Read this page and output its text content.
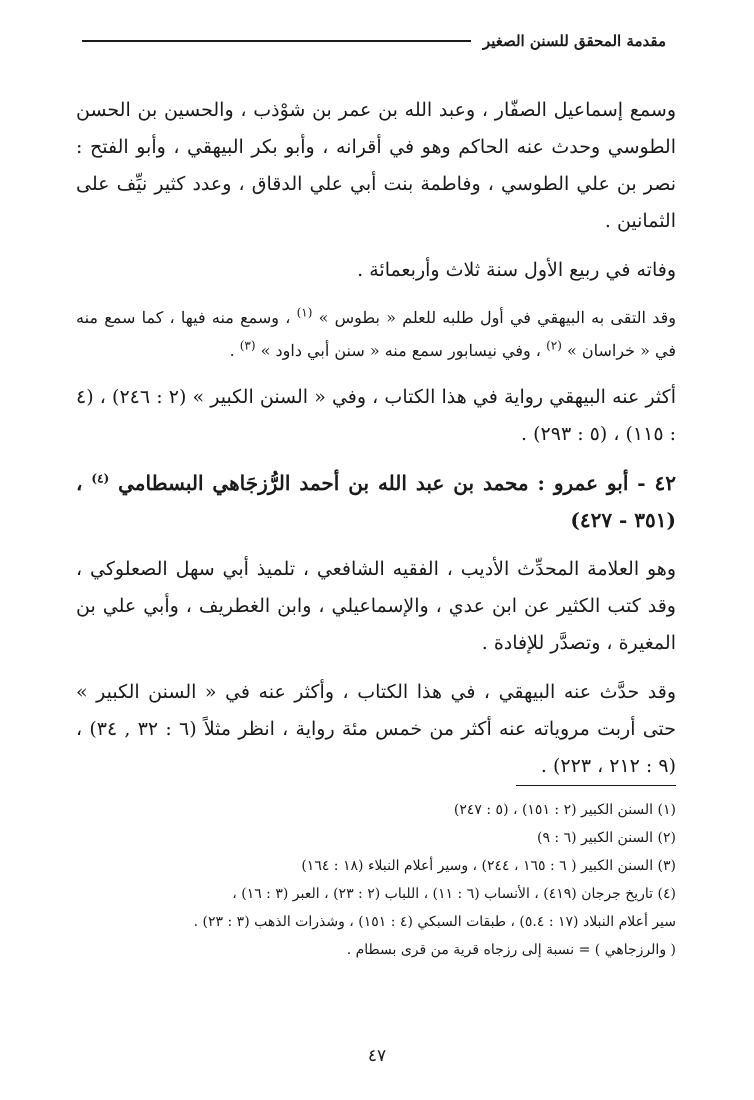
مقدمة المحقق للسنن الصغير

وسمع إسماعيل الصفّار ، وعبد الله بن عمر بن شوْذب ، والحسين بن الحسن الطوسي وحدث عنه الحاكم وهو في أقرانه ، وأبو بكر البيهقي ، وأبو الفتح : نصر بن علي الطوسي ، وفاطمة بنت أبي علي الدقاق ، وعدد كثير نيِّف على الثمانين .

وفاته في ربيع الأول سنة ثلاث وأربعمائة .

وقد التقى به البيهقي في أول طلبه للعلم « بطوس » $^{(١)}$ ، وسمع منه فيها ، كما سمع منه في « خراسان » $^{(٢)}$ ، وفي نيسابور سمع منه « سنن أبي داود » $^{(٣)}$ .

أكثر عنه البيهقي رواية في هذا الكتاب ، وفي « السنن الكبير » (٢ : ٢٤٦) ، (٤ : ١١٥) ، (٥ : ٢٩٣) .

٤٢ - أبو عمرو : محمد بن عبد الله بن أحمد الرُّزجَاهي البسطامي $^{(٤)}$ ، (٣٥١ - ٤٢٧)

وهو العلامة المحدِّث الأديب ، الفقيه الشافعي ، تلميذ أبي سهل الصعلوكي ، وقد كتب الكثير عن ابن عدي ، والإسماعيلي ، وابن الغطريف ، وأبي علي بن المغيرة ، وتصدَّر للإفادة .

وقد حدَّث عنه البيهقي ، في هذا الكتاب ، وأكثر عنه في « السنن الكبير » حتى أربت مروياته عنه أكثر من خمس مئة رواية ، انظر مثلاً (٦ : ٣٢ , ٣٤) ، (٩ : ٢١٢ ، ٢٢٣) .

(١) السنن الكبير (٢ : ١٥١) ، (٥ : ٢٤٧)
(٢) السنن الكبير (٦ : ٩)
(٣) السنن الكبير ( ٦ : ١٦٥ ، ٢٤٤) ، وسير أعلام النبلاء (١٨ : ١٦٤)
(٤) تاريخ جرجان (٤١٩) ، الأنساب (٦ : ١١) ، اللباب (٢ : ٢٣) ، العبر (٣ : ١٦) ،
سير أعلام النبلاد (١٧ : ٥.٤) ، طبقات السبكي (٤ : ١٥١) ، وشذرات الذهب (٣ : ٢٣) .
( والرزجاهي ) = نسبة إلى رزجاه قرية من قرى بسطام .
٤٧
